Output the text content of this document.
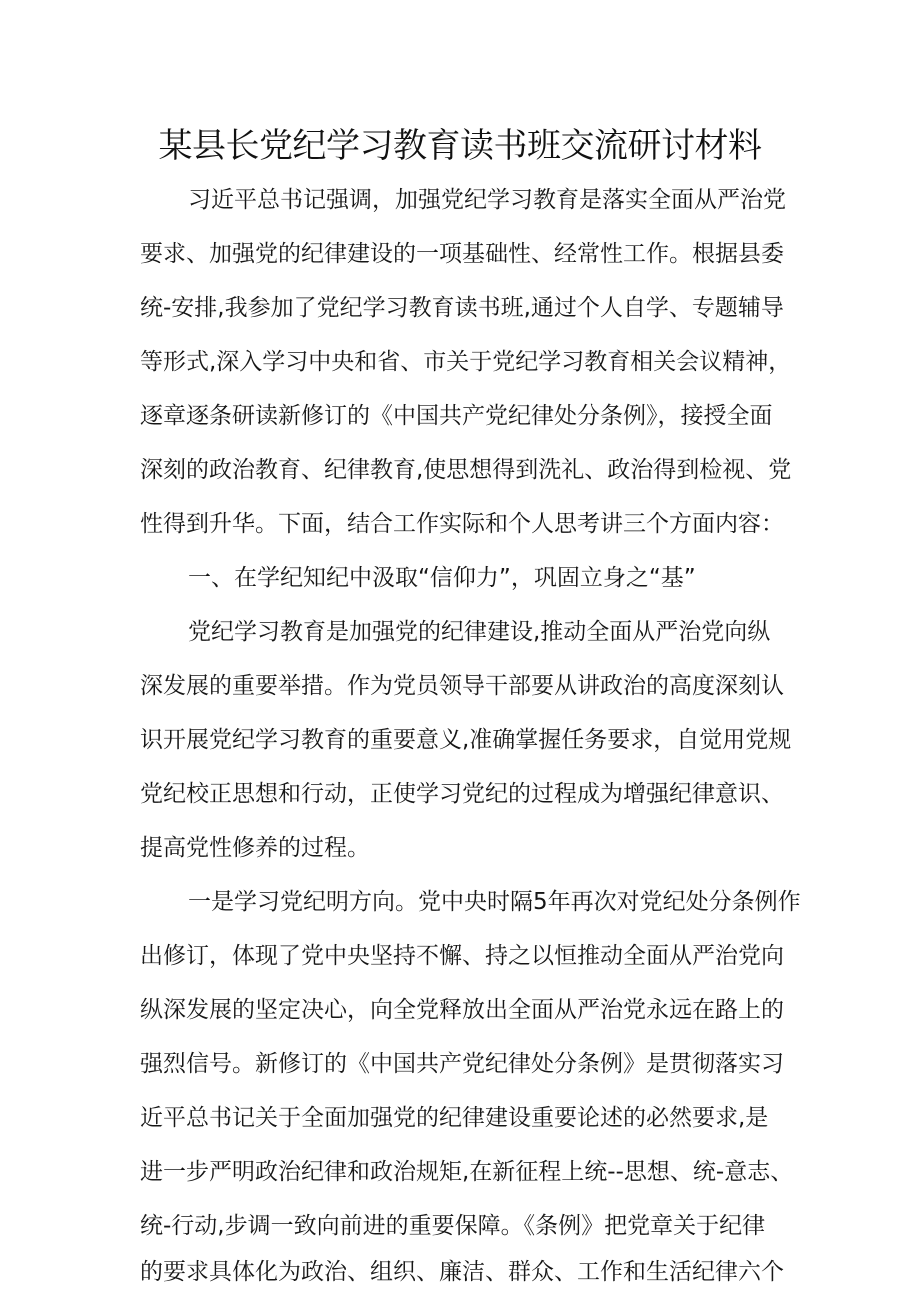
某县长党纪学习教育读书班交流研讨材料
习近平总书记强调，加强党纪学习教育是落实全面从严治党
要求、加强党的纪律建设的一项基础性、经常性工作。根据县委
统-安排,我参加了党纪学习教育读书班,通过个人自学、专题辅导
等形式,深入学习中央和省、市关于党纪学习教育相关会议精神，
逐章逐条研读新修订的《中国共产党纪律处分条例》，接授全面
深刻的政治教育、纪律教育,使思想得到洗礼、政治得到检视、党
性得到升华。下面，结合工作实际和个人思考讲三个方面内容：
一、在学纪知纪中汲取“信仰力”，巩固立身之“基”
党纪学习教育是加强党的纪律建设,推动全面从严治党向纵
深发展的重要举措。作为党员领导干部要从讲政治的高度深刻认
识开展党纪学习教育的重要意义,准确掌握任务要求，自觉用党规
党纪校正思想和行动，正使学习党纪的过程成为增强纪律意识、
提高党性修养的过程。
一是学习党纪明方向。党中央时隔5年再次对党纪处分条例作
出修订，体现了党中央坚持不懈、持之以恒推动全面从严治党向
纵深发展的坚定决心，向全党释放出全面从严治党永远在路上的
强烈信号。新修订的《中国共产党纪律处分条例》是贯彻落实习
近平总书记关于全面加强党的纪律建设重要论述的必然要求,是
进一步严明政治纪律和政治规矩,在新征程上统--思想、统-意志、
统-行动,步调一致向前进的重要保障。《条例》把党章关于纪律
的要求具体化为政治、组织、廉洁、群众、工作和生活纪律六个
